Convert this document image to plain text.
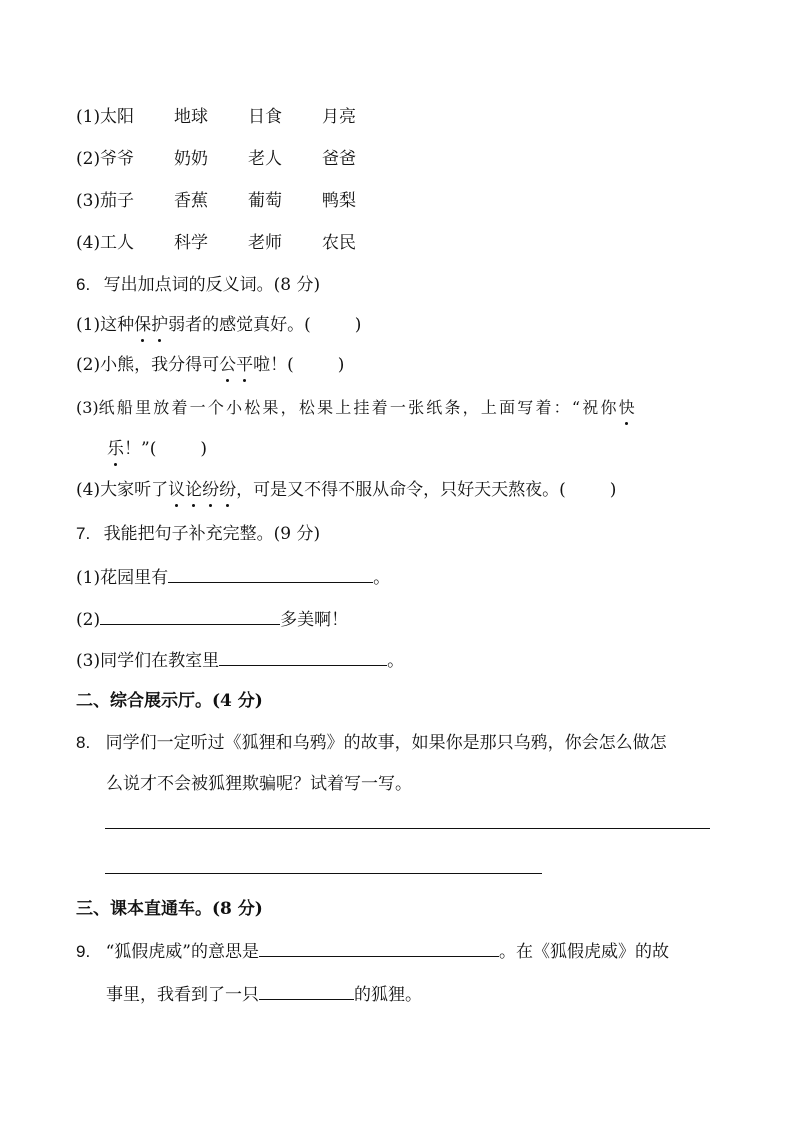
(1) 太阳 地球 日食 月亮
(2) 爷爷 奶奶 老人 爸爸
(3) 茄子 香蕉 葡萄 鸭梨
(4) 工人 科学 老师 农民
6. 写出加点词的反义词。(8 分)
(1)这种保护弱者的感觉真好。(	)
(2)小熊，我分得可公平啦！(	)
(3)纸船里放着一个小松果，松果上挂着一张纸条，上面写着：“祝你快
乐！”(	)
(4)大家听了议论纷纷，可是又不得不服从命令，只好天天熬夜。(	)
7. 我能把句子补充完整。(9 分)
(1)花园里有	。
(2)	多美啊！
(3)同学们在教室里	。
二、综合展示厅。(4 分)
8. 同学们一定听过《狐狸和乌鸦》的故事，如果你是那只乌鸦，你会怎么做怎
么说才不会被狐狸欺骗呢？试着写一写。
三、课本直通车。(8 分)
9. “狐假虎威”的意思是	。在《狐假虎威》的故
事里，我看到了一只	的狐狸。
